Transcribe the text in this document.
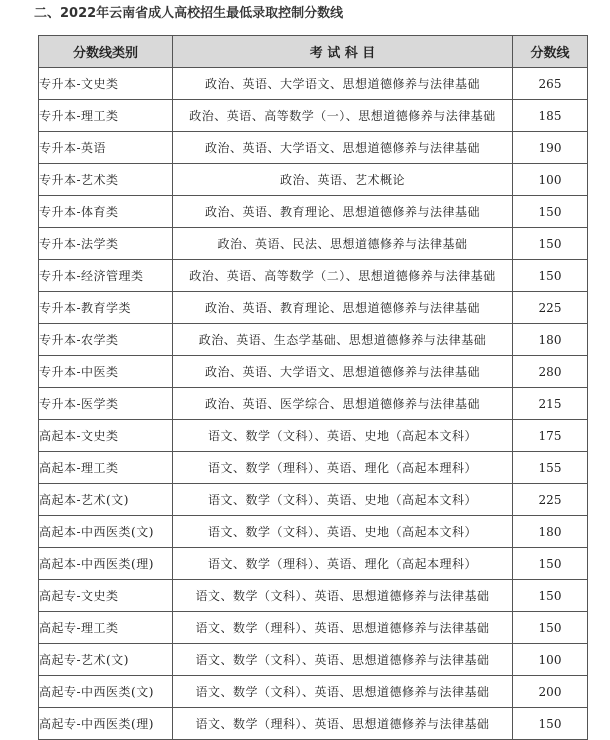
二、2022年云南省成人高校招生最低录取控制分数线
分数线类别	考 试 科 目	分数线
专升本-文史类	政治、英语、大学语文、思想道德修养与法律基础	265
专升本-理工类	政治、英语、高等数学（一）、思想道德修养与法律基础	185
专升本-英语	政治、英语、大学语文、思想道德修养与法律基础	190
专升本-艺术类	政治、英语、艺术概论	100
专升本-体育类	政治、英语、教育理论、思想道德修养与法律基础	150
专升本-法学类	政治、英语、民法、思想道德修养与法律基础	150
专升本-经济管理类	政治、英语、高等数学（二）、思想道德修养与法律基础	150
专升本-教育学类	政治、英语、教育理论、思想道德修养与法律基础	225
专升本-农学类	政治、英语、生态学基础、思想道德修养与法律基础	180
专升本-中医类	政治、英语、大学语文、思想道德修养与法律基础	280
专升本-医学类	政治、英语、医学综合、思想道德修养与法律基础	215
高起本-文史类	语文、数学（文科）、英语、史地（高起本文科）	175
高起本-理工类	语文、数学（理科）、英语、理化（高起本理科）	155
高起本-艺术(文)	语文、数学（文科）、英语、史地（高起本文科）	225
高起本-中西医类(文)	语文、数学（文科）、英语、史地（高起本文科）	180
高起本-中西医类(理)	语文、数学（理科）、英语、理化（高起本理科）	150
高起专-文史类	语文、数学（文科）、英语、思想道德修养与法律基础	150
高起专-理工类	语文、数学（理科）、英语、思想道德修养与法律基础	150
高起专-艺术(文)	语文、数学（文科）、英语、思想道德修养与法律基础	100
高起专-中西医类(文)	语文、数学（文科）、英语、思想道德修养与法律基础	200
高起专-中西医类(理)	语文、数学（理科）、英语、思想道德修养与法律基础	150
